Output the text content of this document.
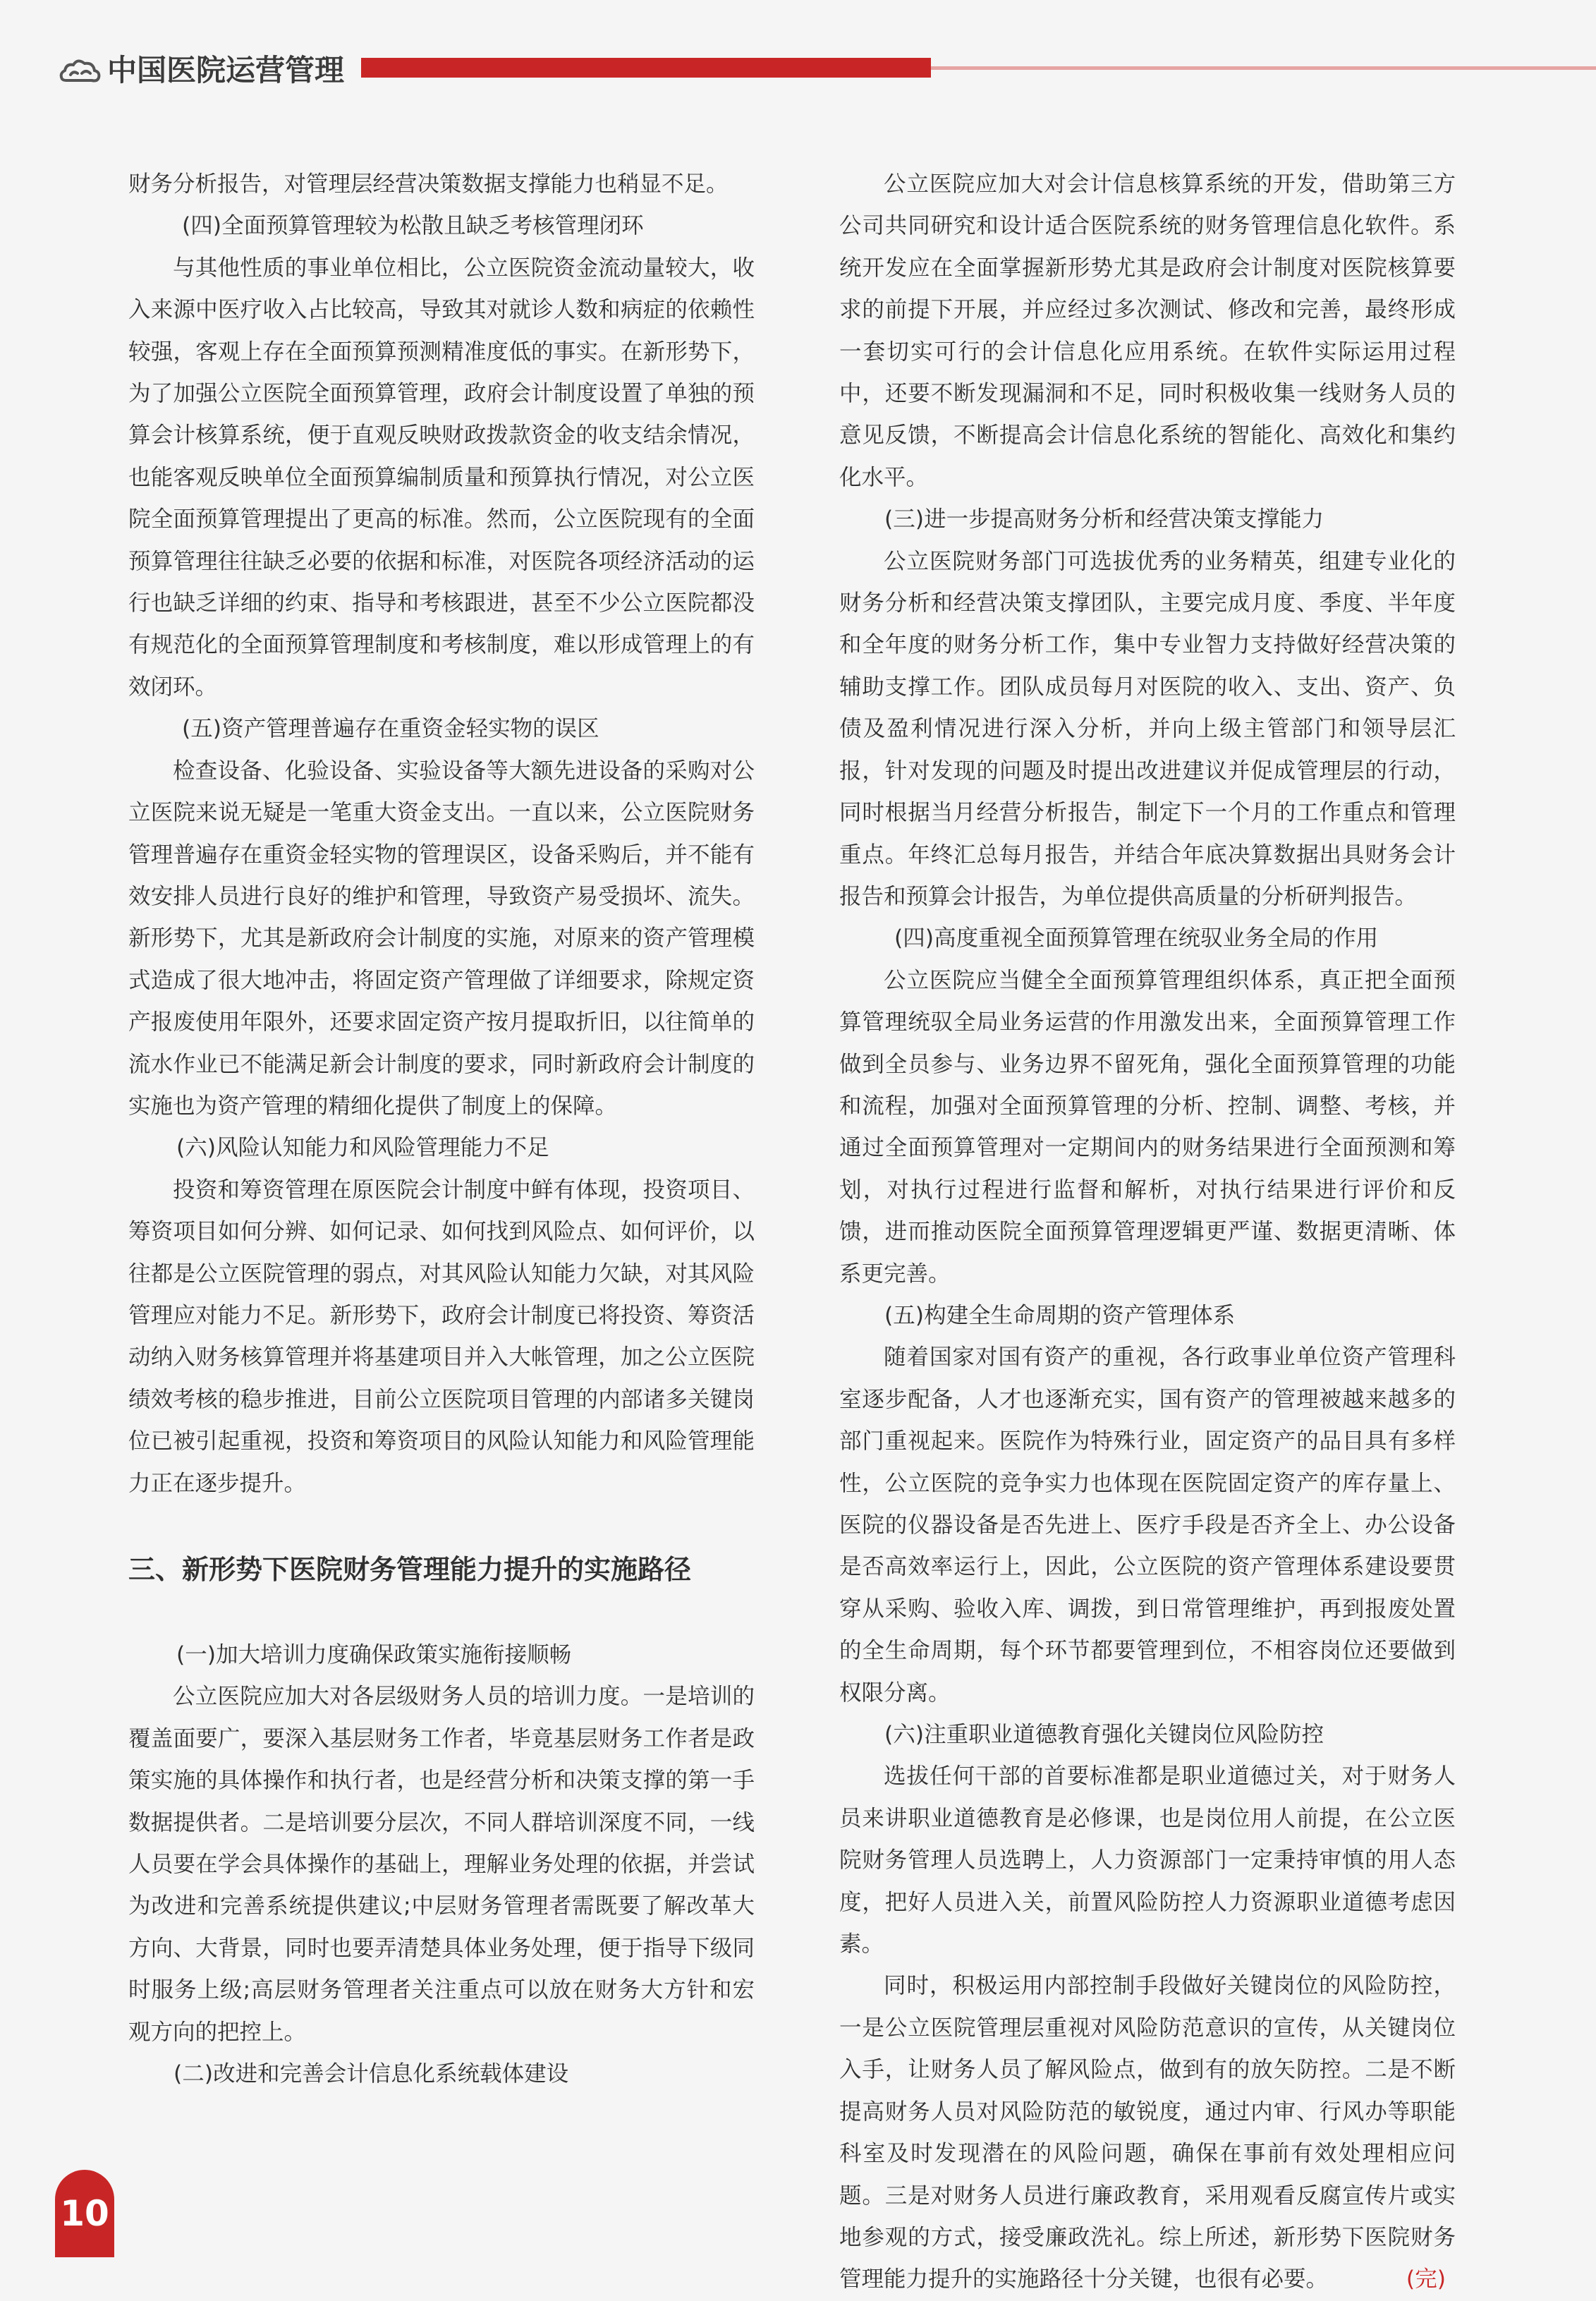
中国医院运营管理

财务分析报告，对管理层经营决策数据支撑能力也稍显不足。

(四)全面预算管理较为松散且缺乏考核管理闭环

与其他性质的事业单位相比，公立医院资金流动量较大，收入来源中医疗收入占比较高，导致其对就诊人数和病症的依赖性较强，客观上存在全面预算预测精准度低的事实。在新形势下，为了加强公立医院全面预算管理，政府会计制度设置了单独的预算会计核算系统，便于直观反映财政拨款资金的收支结余情况，也能客观反映单位全面预算编制质量和预算执行情况，对公立医院全面预算管理提出了更高的标准。然而，公立医院现有的全面预算管理往往缺乏必要的依据和标准，对医院各项经济活动的运行也缺乏详细的约束、指导和考核跟进，甚至不少公立医院都没有规范化的全面预算管理制度和考核制度，难以形成管理上的有效闭环。

(五)资产管理普遍存在重资金轻实物的误区

检查设备、化验设备、实验设备等大额先进设备的采购对公立医院来说无疑是一笔重大资金支出。一直以来，公立医院财务管理普遍存在重资金轻实物的管理误区，设备采购后，并不能有效安排人员进行良好的维护和管理，导致资产易受损坏、流失。新形势下，尤其是新政府会计制度的实施，对原来的资产管理模式造成了很大地冲击，将固定资产管理做了详细要求，除规定资产报废使用年限外，还要求固定资产按月提取折旧，以往简单的流水作业已不能满足新会计制度的要求，同时新政府会计制度的实施也为资产管理的精细化提供了制度上的保障。

(六)风险认知能力和风险管理能力不足

投资和筹资管理在原医院会计制度中鲜有体现，投资项目、筹资项目如何分辨、如何记录、如何找到风险点、如何评价，以往都是公立医院管理的弱点，对其风险认知能力欠缺，对其风险管理应对能力不足。新形势下，政府会计制度已将投资、筹资活动纳入财务核算管理并将基建项目并入大帐管理，加之公立医院绩效考核的稳步推进，目前公立医院项目管理的内部诸多关键岗位已被引起重视，投资和筹资项目的风险认知能力和风险管理能力正在逐步提升。

三、新形势下医院财务管理能力提升的实施路径
(一)加大培训力度确保政策实施衔接顺畅

公立医院应加大对各层级财务人员的培训力度。一是培训的覆盖面要广，要深入基层财务工作者，毕竟基层财务工作者是政策实施的具体操作和执行者，也是经营分析和决策支撑的第一手数据提供者。二是培训要分层次，不同人群培训深度不同，一线人员要在学会具体操作的基础上，理解业务处理的依据，并尝试为改进和完善系统提供建议;中层财务管理者需既要了解改革大方向、大背景，同时也要弄清楚具体业务处理，便于指导下级同时服务上级;高层财务管理者关注重点可以放在财务大方针和宏观方向的把控上。

(二)改进和完善会计信息化系统载体建设

公立医院应加大对会计信息核算系统的开发，借助第三方公司共同研究和设计适合医院系统的财务管理信息化软件。系统开发应在全面掌握新形势尤其是政府会计制度对医院核算要求的前提下开展，并应经过多次测试、修改和完善，最终形成一套切实可行的会计信息化应用系统。在软件实际运用过程中，还要不断发现漏洞和不足，同时积极收集一线财务人员的意见反馈，不断提高会计信息化系统的智能化、高效化和集约化水平。

(三)进一步提高财务分析和经营决策支撑能力

公立医院财务部门可选拔优秀的业务精英，组建专业化的财务分析和经营决策支撑团队，主要完成月度、季度、半年度和全年度的财务分析工作，集中专业智力支持做好经营决策的辅助支撑工作。团队成员每月对医院的收入、支出、资产、负债及盈利情况进行深入分析，并向上级主管部门和领导层汇报，针对发现的问题及时提出改进建议并促成管理层的行动，同时根据当月经营分析报告，制定下一个月的工作重点和管理重点。年终汇总每月报告，并结合年底决算数据出具财务会计报告和预算会计报告，为单位提供高质量的分析研判报告。

(四)高度重视全面预算管理在统驭业务全局的作用

公立医院应当健全全面预算管理组织体系，真正把全面预算管理统驭全局业务运营的作用激发出来，全面预算管理工作做到全员参与、业务边界不留死角，强化全面预算管理的功能和流程，加强对全面预算管理的分析、控制、调整、考核，并通过全面预算管理对一定期间内的财务结果进行全面预测和筹划，对执行过程进行监督和解析，对执行结果进行评价和反馈，进而推动医院全面预算管理逻辑更严谨、数据更清晰、体系更完善。

(五)构建全生命周期的资产管理体系

随着国家对国有资产的重视，各行政事业单位资产管理科室逐步配备，人才也逐渐充实，国有资产的管理被越来越多的部门重视起来。医院作为特殊行业，固定资产的品目具有多样性，公立医院的竞争实力也体现在医院固定资产的库存量上、医院的仪器设备是否先进上、医疗手段是否齐全上、办公设备是否高效率运行上，因此，公立医院的资产管理体系建设要贯穿从采购、验收入库、调拨，到日常管理维护，再到报废处置的全生命周期，每个环节都要管理到位，不相容岗位还要做到权限分离。

(六)注重职业道德教育强化关键岗位风险防控

选拔任何干部的首要标准都是职业道德过关，对于财务人员来讲职业道德教育是必修课，也是岗位用人前提，在公立医院财务管理人员选聘上，人力资源部门一定秉持审慎的用人态度，把好人员进入关，前置风险防控人力资源职业道德考虑因素。

同时，积极运用内部控制手段做好关键岗位的风险防控，一是公立医院管理层重视对风险防范意识的宣传，从关键岗位入手，让财务人员了解风险点，做到有的放矢防控。二是不断提高财务人员对风险防范的敏锐度，通过内审、行风办等职能科室及时发现潜在的风险问题，确保在事前有效处理相应问题。三是对财务人员进行廉政教育，采用观看反腐宣传片或实地参观的方式，接受廉政洗礼。综上所述，新形势下医院财务管理能力提升的实施路径十分关键，也很有必要。	(完)

10
